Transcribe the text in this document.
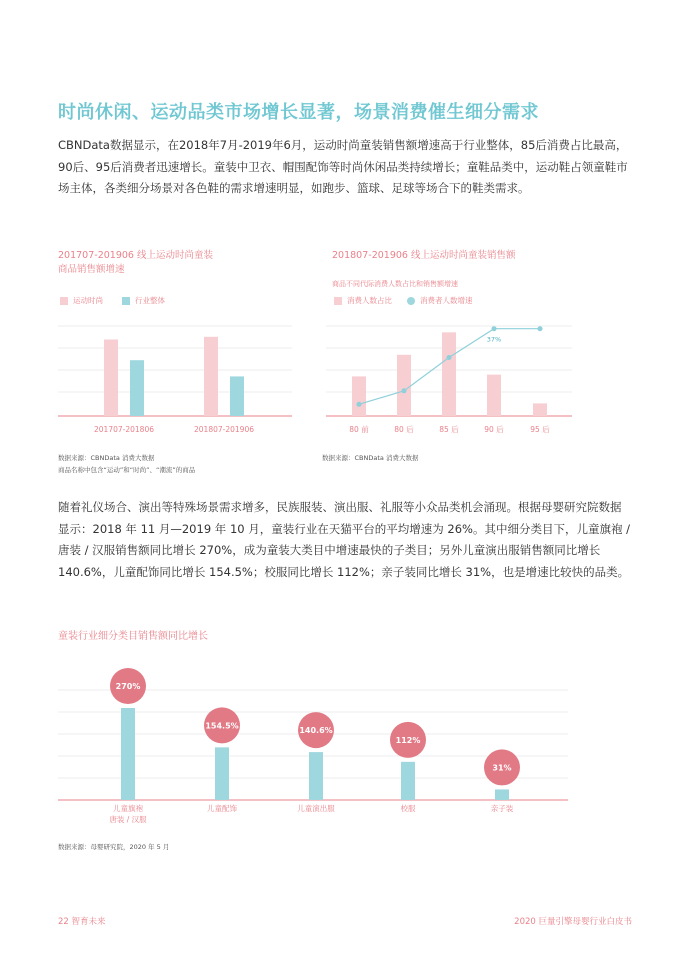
时尚休闲、运动品类市场增长显著，场景消费催生细分需求
CBNData数据显示，在2018年7月-2019年6月，运动时尚童装销售额增速高于行业整体，85后消费占比最高，90后、95后消费者迅速增长。童装中卫衣、帽围配饰等时尚休闲品类持续增长；童鞋品类中，运动鞋占领童鞋市场主体，各类细分场景对各色鞋的需求增速明显，如跑步、篮球、足球等场合下的鞋类需求。
201707-201906 线上运动时尚童装
商品销售额增速
运动时尚	行业整体
201707-201806	201807-201906
数据来源：CBNData 消费大数据
商品名称中包含“运动”和“时尚”、“潮流”的商品
201807-201906 线上运动时尚童装销售额
商品不同代际消费人数占比和销售额增速
消费人数占比	消费者人数增速
80 前	80 后	85 后	90 后	95 后
37%
数据来源：CBNData 消费大数据
随着礼仪场合、演出等特殊场景需求增多，民族服装、演出服、礼服等小众品类机会涌现。根据母婴研究院数据显示：2018 年 11 月—2019 年 10 月，童装行业在天猫平台的平均增速为 26%。其中细分类目下，儿童旗袍 / 唐装 / 汉服销售额同比增长 270%，成为童装大类目中增速最快的子类目；另外儿童演出服销售额同比增长 140.6%，儿童配饰同比增长 154.5%；校服同比增长 112%；亲子装同比增长 31%，也是增速比较快的品类。
童装行业细分类目销售额同比增长
270%
儿童旗袍
唐装 / 汉服
154.5%
儿童配饰
140.6%
儿童演出服
112%
校服
31%
亲子装
数据来源：母婴研究院，2020 年 5 月
22 智育未来	2020 巨量引擎母婴行业白皮书
